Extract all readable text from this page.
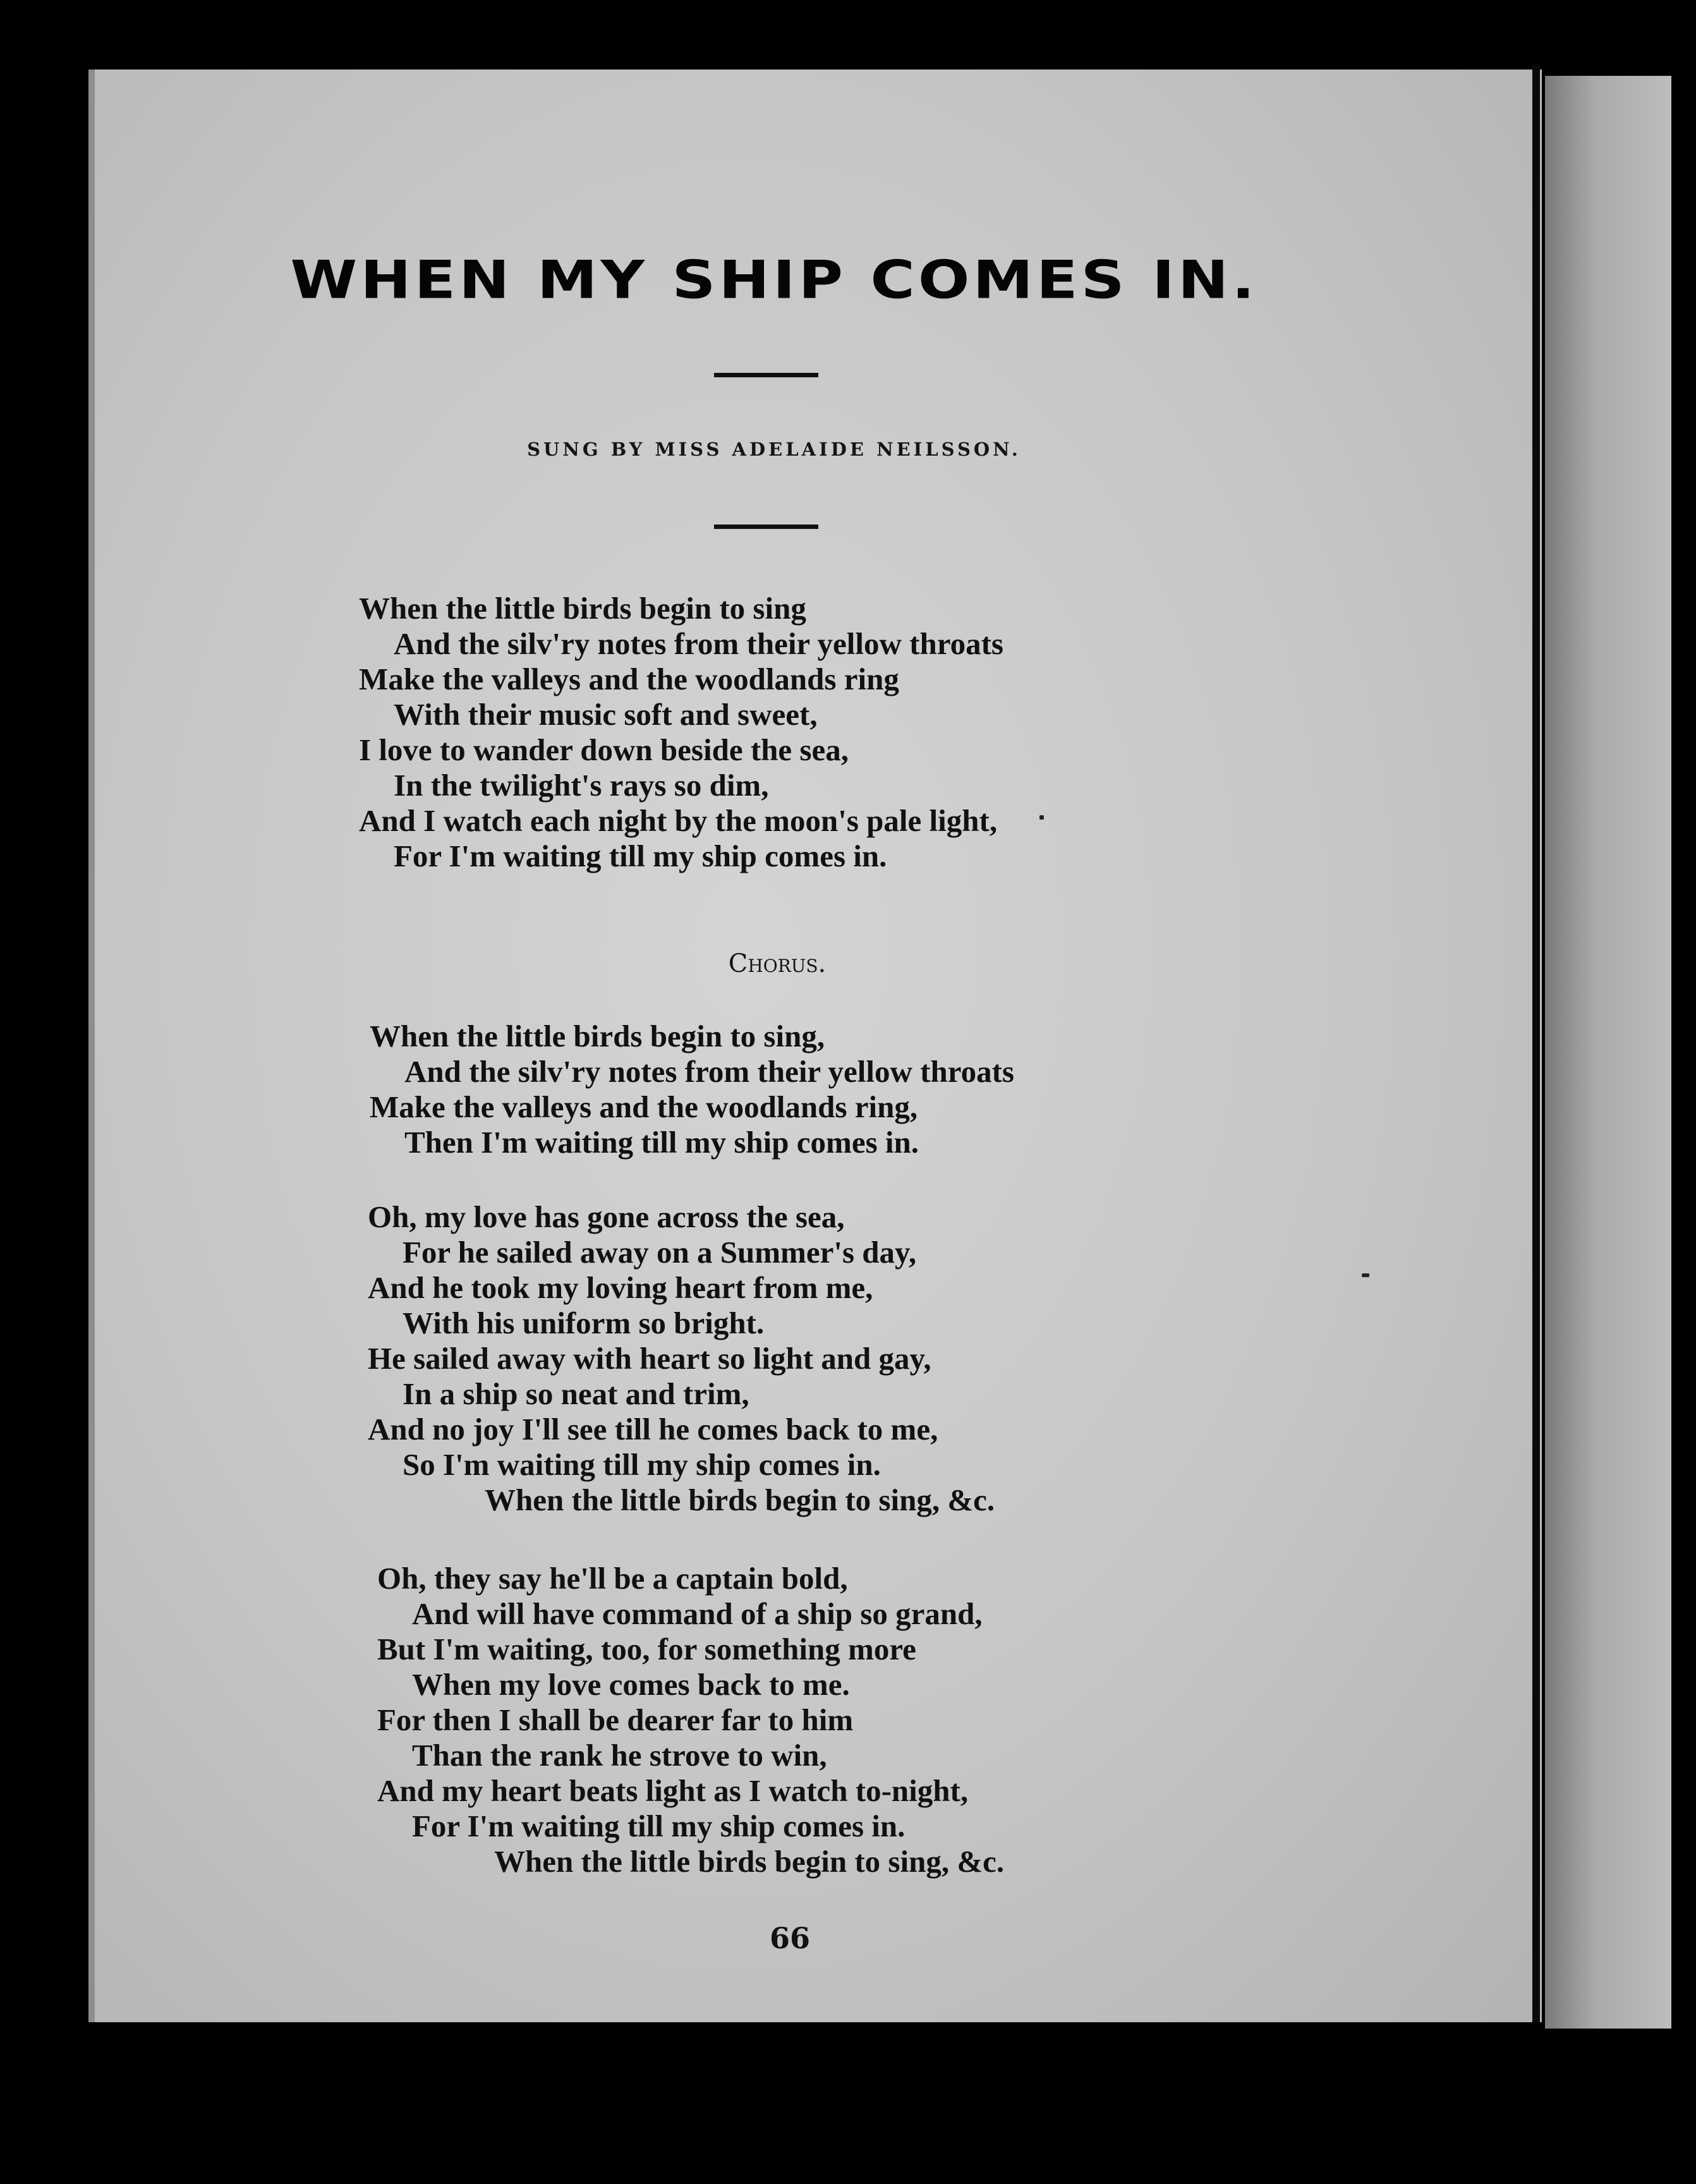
WHEN MY SHIP COMES IN.
SUNG BY MISS ADELAIDE NEILSSON.
When the little birds begin to sing
And the silv'ry notes from their yellow throats
Make the valleys and the woodlands ring
With their music soft and sweet,
I love to wander down beside the sea,
In the twilight's rays so dim,
And I watch each night by the moon's pale light,
For I'm waiting till my ship comes in.
Chorus.
When the little birds begin to sing,
And the silv'ry notes from their yellow throats
Make the valleys and the woodlands ring,
Then I'm waiting till my ship comes in.
Oh, my love has gone across the sea,
For he sailed away on a Summer's day,
And he took my loving heart from me,
With his uniform so bright.
He sailed away with heart so light and gay,
In a ship so neat and trim,
And no joy I'll see till he comes back to me,
So I'm waiting till my ship comes in.
When the little birds begin to sing, &c.
Oh, they say he'll be a captain bold,
And will have command of a ship so grand,
But I'm waiting, too, for something more
When my love comes back to me.
For then I shall be dearer far to him
Than the rank he strove to win,
And my heart beats light as I watch to-night,
For I'm waiting till my ship comes in.
When the little birds begin to sing, &c.
66
